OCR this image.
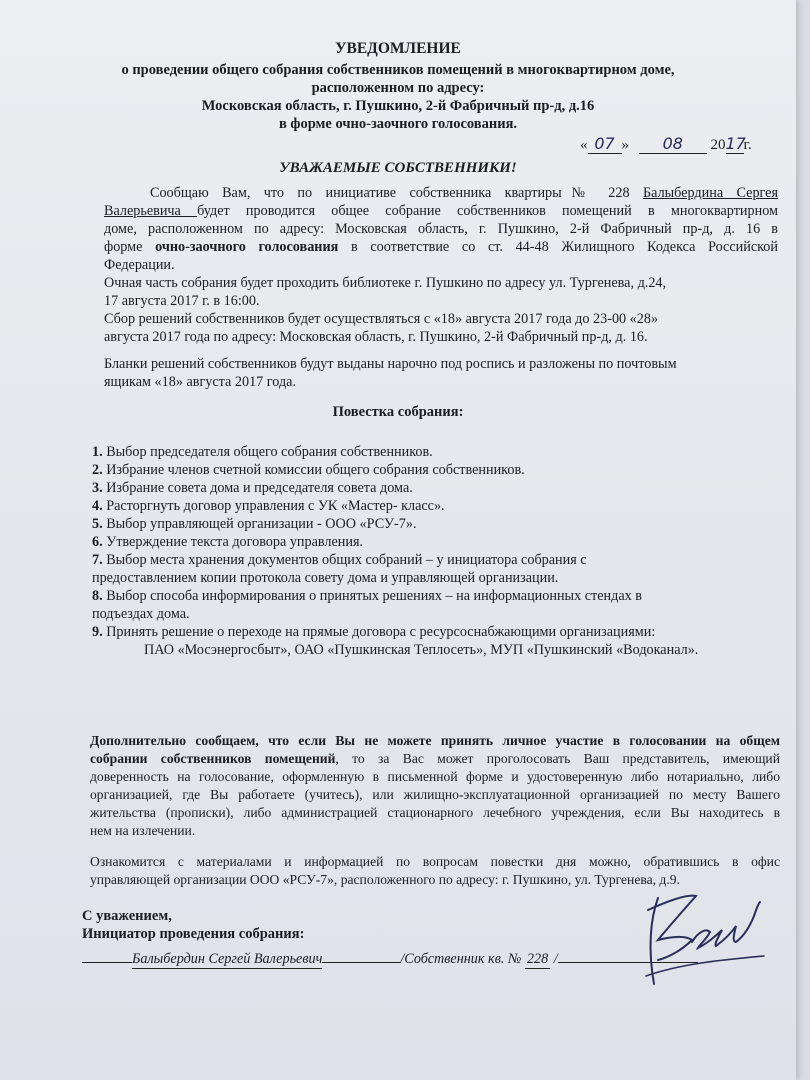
УВЕДОМЛЕНИЕ
о проведении общего собрания собственников помещений в многоквартирном доме,
расположенном по адресу:
Московская область, г. Пушкино, 2-й Фабричный пр-д, д.16
в форме очно-заочного голосования.
« 07 » 08 2017г.
УВАЖАЕМЫЕ СОБСТВЕННИКИ!
Сообщаю Вам, что по инициативе собственника квартиры№ 228 Балыбердина Сергея
Валерьевича будет проводится общее собрание собственников помещений в многоквартирном
доме, расположенном по адресу: Московская область, г. Пушкино, 2-й Фабричный пр-д, д. 16 в
форме очно-заочного голосования в соответствие со ст. 44-48 Жилищного Кодекса Российской
Федерации.
Очная часть собрания будет проходить библиотеке г. Пушкино по адресу ул. Тургенева, д.24,
17 августа 2017 г. в 16:00.
Сбор решений собственников будет осуществляться с «18» августа 2017 года до 23-00 «28»
августа 2017 года по адресу: Московская область, г. Пушкино, 2-й Фабричный пр-д, д. 16.
Бланки решений собственников будут выданы нарочно под роспись и разложены по почтовым
ящикам «18» августа 2017 года.
Повестка собрания:
1. Выбор председателя общего собрания собственников.
2. Избрание членов счетной комиссии общего собрания собственников.
3. Избрание совета дома и председателя совета дома.
4. Расторгнуть договор управления с УК «Мастер- класс».
5. Выбор управляющей организации - ООО «РСУ-7».
6. Утверждение текста договора управления.
7. Выбор места хранения документов общих собраний – у инициатора собрания с
предоставлением копии протокола совету дома и управляющей организации.
8. Выбор способа информирования о принятых решениях – на информационных стендах в
подъездах дома.
9. Принять решение о переходе на прямые договора с ресурсоснабжающими организациями:
ПАО «Мосэнергосбыт», ОАО «Пушкинская Теплосеть», МУП «Пушкинский «Водоканал».
Дополнительно сообщаем, что если Вы не можете принять личное участие в голосовании на общем
собрании собственников помещений, то за Вас может проголосовать Ваш представитель, имеющий
доверенность на голосование, оформленную в письменной форме и удостоверенную либо нотариально, либо
организацией, где Вы работаете (учитесь), или жилищно-эксплуатационной организацией по месту Вашего
жительства (прописки), либо администрацией стационарного лечебного учреждения, если Вы находитесь в
нем на излечении.
Ознакомится с материалами и информацией по вопросам повестки дня можно, обратившись в офис
управляющей организации ООО «РСУ-7», расположенного по адресу: г. Пушкино, ул. Тургенева, д.9.
С уважением,
Инициатор проведения собрания:
Балыбердин Сергей Валерьевич	/Собственник кв. № 228 /
